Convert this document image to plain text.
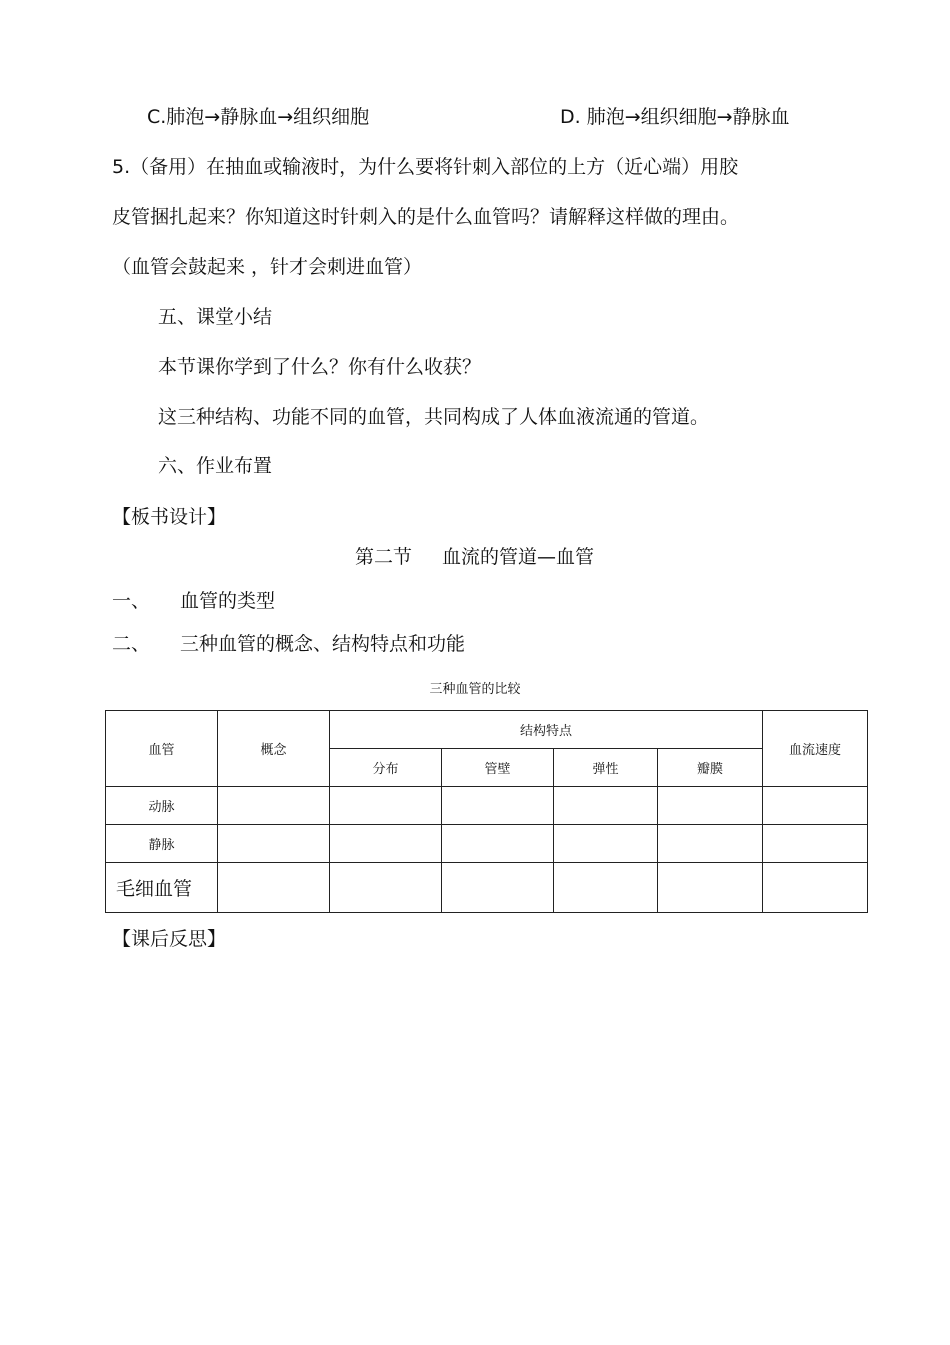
C.肺泡→静脉血→组织细胞	D. 肺泡→组织细胞→静脉血
5.（备用）在抽血或输液时，为什么要将针刺入部位的上方（近心端）用胶
皮管捆扎起来？你知道这时针刺入的是什么血管吗？请解释这样做的理由。
（血管会鼓起来 ，针才会刺进血管）
五、课堂小结
本节课你学到了什么？你有什么收获？
这三种结构、功能不同的血管，共同构成了人体血液流通的管道。
六、作业布置
【板书设计】
第二节 血流的管道—血管
一、 血管的类型
二、 三种血管的概念、结构特点和功能
三种血管的比较
血管	概念	结构特点				血流速度
		分布	管壁	弹性	瓣膜	
动脉						
静脉						
毛细血管						
【课后反思】
